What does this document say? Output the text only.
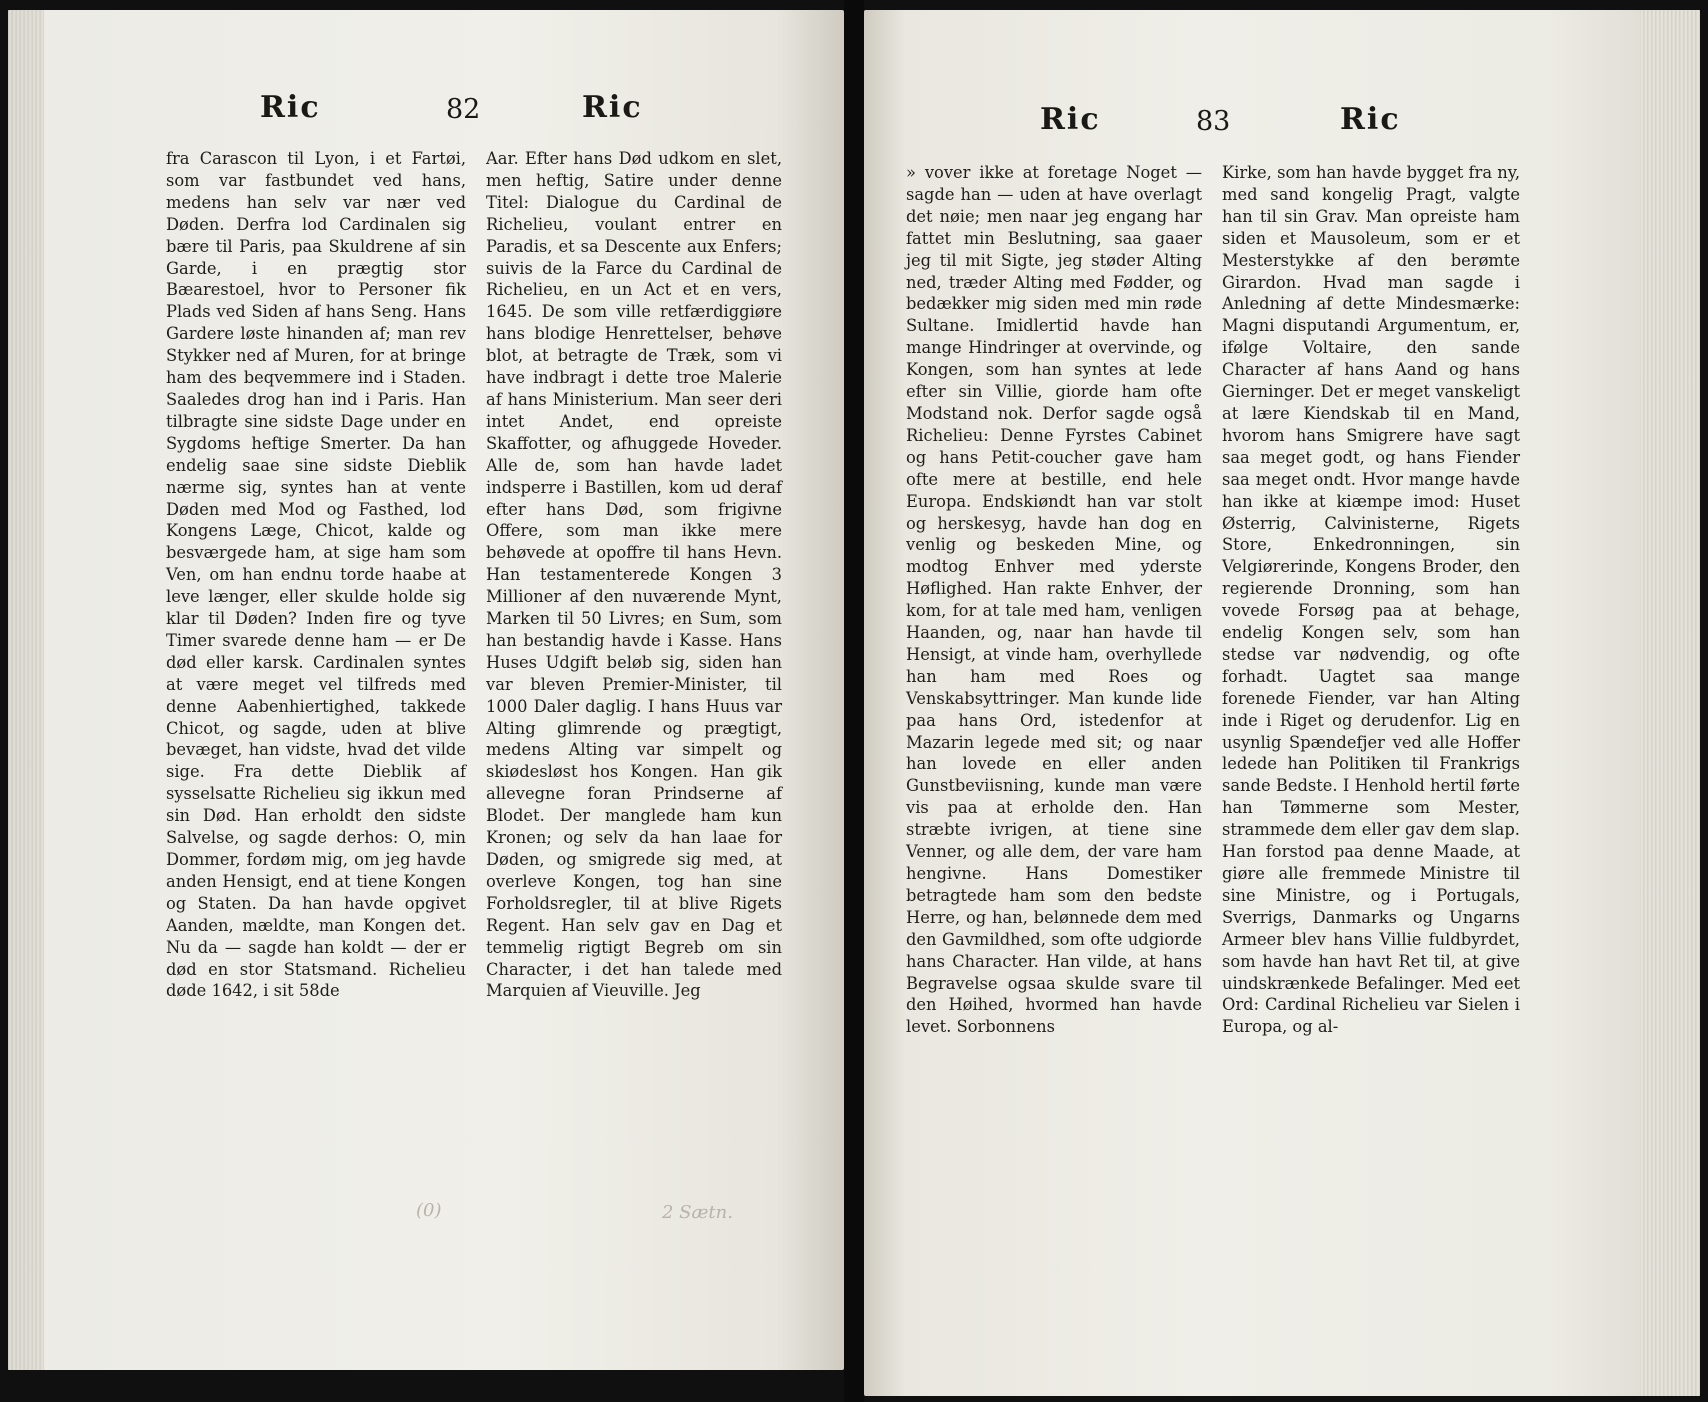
Ric	82	Ric
fra Carascon til Lyon, i et Fartøi, som var fastbundet ved hans, medens han selv var nær ved Døden. Derfra lod Cardinalen sig bære til Paris, paa Skuldrene af sin Garde, i en prægtig stor Bæarestoel, hvor to Personer fik Plads ved Siden af hans Seng. Hans Gardere løste hinanden af; man rev Stykker ned af Muren, for at bringe ham des beqvemmere ind i Staden. Saaledes drog han ind i Paris. Han tilbragte sine sidste Dage under en Sygdoms heftige Smerter. Da han endelig saae sine sidste Dieblik nærme sig, syntes han at vente Døden med Mod og Fasthed, lod Kongens Læge, Chicot, kalde og besværgede ham, at sige ham som Ven, om han endnu torde haabe at leve længer, eller skulde holde sig klar til Døden? Inden fire og tyve Timer svarede denne ham — er De død eller karsk. Cardinalen syntes at være meget vel tilfreds med denne Aabenhiertighed, takkede Chicot, og sagde, uden at blive bevæget, han vidste, hvad det vilde sige. Fra dette Dieblik af sysselsatte Richelieu sig ikkun med sin Død. Han erholdt den sidste Salvelse, og sagde derhos: O, min Dommer, fordøm mig, om jeg havde anden Hensigt, end at tiene Kongen og Staten. Da han havde opgivet Aanden, mældte, man Kongen det. Nu da — sagde han koldt — der er død en stor Statsmand. Richelieu døde 1642, i sit 58de
Aar. Efter hans Død udkom en slet, men heftig, Satire under denne Titel: Dialogue du Cardinal de Richelieu, voulant entrer en Paradis, et sa Descente aux Enfers; suivis de la Farce du Cardinal de Richelieu, en un Act et en vers, 1645. De som ville retfærdiggiøre hans blodige Henrettelser, behøve blot, at betragte de Træk, som vi have indbragt i dette troe Malerie af hans Ministerium. Man seer deri intet Andet, end opreiste Skaffotter, og afhuggede Hoveder. Alle de, som han havde ladet indsperre i Bastillen, kom ud deraf efter hans Død, som frigivne Offere, som man ikke mere behøvede at opoffre til hans Hevn. Han testamenterede Kongen 3 Millioner af den nuværende Mynt, Marken til 50 Livres; en Sum, som han bestandig havde i Kasse. Hans Huses Udgift beløb sig, siden han var bleven Premier-Minister, til 1000 Daler daglig. I hans Huus var Alting glimrende og prægtigt, medens Alting var simpelt og skiødesløst hos Kongen. Han gik allevegne foran Prindserne af Blodet. Der manglede ham kun Kronen; og selv da han laae for Døden, og smigrede sig med, at overleve Kongen, tog han sine Forholdsregler, til at blive Rigets Regent. Han selv gav en Dag et temmelig rigtigt Begreb om sin Character, i det han talede med Marquien af Vieuville. Jeg
(0)	2 Sætn.
Ric	83	Ric
» vover ikke at foretage Noget — sagde han — uden at have overlagt det nøie; men naar jeg engang har fattet min Beslutning, saa gaaer jeg til mit Sigte, jeg støder Alting ned, træder Alting med Fødder, og bedækker mig siden med min røde Sultane. Imidlertid havde han mange Hindringer at overvinde, og Kongen, som han syntes at lede efter sin Villie, giorde ham ofte Modstand nok. Derfor sagde også Richelieu: Denne Fyrstes Cabinet og hans Petit-coucher gave ham ofte mere at bestille, end hele Europa. Endskiøndt han var stolt og herskesyg, havde han dog en venlig og beskeden Mine, og modtog Enhver med yderste Høflighed. Han rakte Enhver, der kom, for at tale med ham, venligen Haanden, og, naar han havde til Hensigt, at vinde ham, overhyllede han ham med Roes og Venskabsyttringer. Man kunde lide paa hans Ord, istedenfor at Mazarin legede med sit; og naar han lovede en eller anden Gunstbeviisning, kunde man være vis paa at erholde den. Han stræbte ivrigen, at tiene sine Venner, og alle dem, der vare ham hengivne. Hans Domestiker betragtede ham som den bedste Herre, og han, belønnede dem med den Gavmildhed, som ofte udgiorde hans Character. Han vilde, at hans Begravelse ogsaa skulde svare til den Høihed, hvormed han havde levet. Sorbonnens
Kirke, som han havde bygget fra ny, med sand kongelig Pragt, valgte han til sin Grav. Man opreiste ham siden et Mausoleum, som er et Mesterstykke af den berømte Girardon. Hvad man sagde i Anledning af dette Mindesmærke: Magni disputandi Argumentum, er, ifølge Voltaire, den sande Character af hans Aand og hans Gierninger. Det er meget vanskeligt at lære Kiendskab til en Mand, hvorom hans Smigrere have sagt saa meget godt, og hans Fiender saa meget ondt. Hvor mange havde han ikke at kiæmpe imod: Huset Østerrig, Calvinisterne, Rigets Store, Enkedronningen, sin Velgiørerinde, Kongens Broder, den regierende Dronning, som han vovede Forsøg paa at behage, endelig Kongen selv, som han stedse var nødvendig, og ofte forhadt. Uagtet saa mange forenede Fiender, var han Alting inde i Riget og derudenfor. Lig en usynlig Spændefjer ved alle Hoffer ledede han Politiken til Frankrigs sande Bedste. I Henhold hertil førte han Tømmerne som Mester, strammede dem eller gav dem slap. Han forstod paa denne Maade, at giøre alle fremmede Ministre til sine Ministre, og i Portugals, Sverrigs, Danmarks og Ungarns Armeer blev hans Villie fuldbyrdet, som havde han havt Ret til, at give uindskrænkede Befalinger. Med eet Ord: Cardinal Richelieu var Sielen i Europa, og al-
